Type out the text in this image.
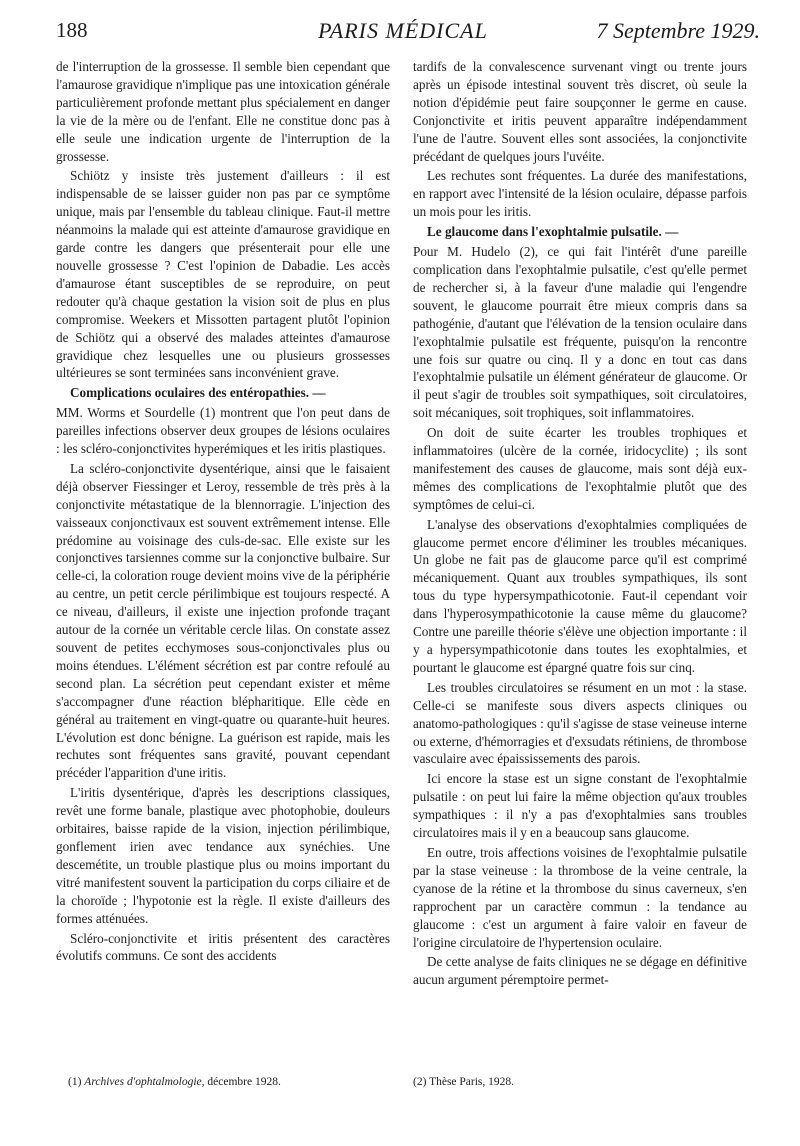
188	PARIS MÉDICAL	7 Septembre 1929.

de l'interruption de la grossesse. Il semble bien cependant que l'amaurose gravidique n'implique pas une intoxication générale particulièrement profonde mettant plus spécialement en danger la vie de la mère ou de l'enfant. Elle ne constitue donc pas à elle seule une indication urgente de l'interruption de la grossesse.

Schiötz y insiste très justement d'ailleurs : il est indispensable de se laisser guider non pas par ce symptôme unique, mais par l'ensemble du tableau clinique. Faut-il mettre néanmoins la malade qui est atteinte d'amaurose gravidique en garde contre les dangers que présenterait pour elle une nouvelle grossesse ? C'est l'opinion de Dabadie. Les accès d'amaurose étant susceptibles de se reproduire, on peut redouter qu'à chaque gestation la vision soit de plus en plus compromise. Weekers et Missotten partagent plutôt l'opinion de Schiötz qui a observé des malades atteintes d'amaurose gravidique chez lesquelles une ou plusieurs grossesses ultérieures se sont terminées sans inconvénient grave.

Complications oculaires des entéropathies. —

MM. Worms et Sourdelle (1) montrent que l'on peut dans de pareilles infections observer deux groupes de lésions oculaires : les scléro-conjonctivites hyperémiques et les iritis plastiques.

La scléro-conjonctivite dysentérique, ainsi que le faisaient déjà observer Fiessinger et Leroy, ressemble de très près à la conjonctivite métastatique de la blennorragie. L'injection des vaisseaux conjonctivaux est souvent extrêmement intense. Elle prédomine au voisinage des culs-de-sac. Elle existe sur les conjonctives tarsiennes comme sur la conjonctive bulbaire. Sur celle-ci, la coloration rouge devient moins vive de la périphérie au centre, un petit cercle périlimbique est toujours respecté. A ce niveau, d'ailleurs, il existe une injection profonde traçant autour de la cornée un véritable cercle lilas. On constate assez souvent de petites ecchymoses sous-conjonctivales plus ou moins étendues. L'élément sécrétion est par contre refoulé au second plan. La sécrétion peut cependant exister et même s'accompagner d'une réaction blépharitique. Elle cède en général au traitement en vingt-quatre ou quarante-huit heures. L'évolution est donc bénigne. La guérison est rapide, mais les rechutes sont fréquentes sans gravité, pouvant cependant précéder l'apparition d'une iritis.

L'iritis dysentérique, d'après les descriptions classiques, revêt une forme banale, plastique avec photophobie, douleurs orbitaires, baisse rapide de la vision, injection périlimbique, gonflement irien avec tendance aux synéchies. Une descemétite, un trouble plastique plus ou moins important du vitré manifestent souvent la participation du corps ciliaire et de la choroïde ; l'hypotonie est la règle. Il existe d'ailleurs des formes atténuées.

Scléro-conjonctivite et iritis présentent des caractères évolutifs communs. Ce sont des accidents

tardifs de la convalescence survenant vingt ou trente jours après un épisode intestinal souvent très discret, où seule la notion d'épidémie peut faire soupçonner le germe en cause. Conjonctivite et iritis peuvent apparaître indépendamment l'une de l'autre. Souvent elles sont associées, la conjonctivite précédant de quelques jours l'uvéite.

Les rechutes sont fréquentes. La durée des manifestations, en rapport avec l'intensité de la lésion oculaire, dépasse parfois un mois pour les iritis.

Le glaucome dans l'exophtalmie pulsatile. —

Pour M. Hudelo (2), ce qui fait l'intérêt d'une pareille complication dans l'exophtalmie pulsatile, c'est qu'elle permet de rechercher si, à la faveur d'une maladie qui l'engendre souvent, le glaucome pourrait être mieux compris dans sa pathogénie, d'autant que l'élévation de la tension oculaire dans l'exophtalmie pulsatile est fréquente, puisqu'on la rencontre une fois sur quatre ou cinq. Il y a donc en tout cas dans l'exophtalmie pulsatile un élément générateur de glaucome. Or il peut s'agir de troubles soit sympathiques, soit circulatoires, soit mécaniques, soit trophiques, soit inflammatoires.

On doit de suite écarter les troubles trophiques et inflammatoires (ulcère de la cornée, iridocyclite) ; ils sont manifestement des causes de glaucome, mais sont déjà eux-mêmes des complications de l'exophtalmie plutôt que des symptômes de celui-ci.

L'analyse des observations d'exophtalmies compliquées de glaucome permet encore d'éliminer les troubles mécaniques. Un globe ne fait pas de glaucome parce qu'il est comprimé mécaniquement. Quant aux troubles sympathiques, ils sont tous du type hypersympathicotonie. Faut-il cependant voir dans l'hyperosympathicotonie la cause même du glaucome? Contre une pareille théorie s'élève une objection importante : il y a hypersympathicotonie dans toutes les exophtalmies, et pourtant le glaucome est épargné quatre fois sur cinq.

Les troubles circulatoires se résument en un mot : la stase. Celle-ci se manifeste sous divers aspects cliniques ou anatomo-pathologiques : qu'il s'agisse de stase veineuse interne ou externe, d'hémorragies et d'exsudats rétiniens, de thrombose vasculaire avec épaississements des parois.

Ici encore la stase est un signe constant de l'exophtalmie pulsatile : on peut lui faire la même objection qu'aux troubles sympathiques : il n'y a pas d'exophtalmies sans troubles circulatoires mais il y en a beaucoup sans glaucome.

En outre, trois affections voisines de l'exophtalmie pulsatile par la stase veineuse : la thrombose de la veine centrale, la cyanose de la rétine et la thrombose du sinus caverneux, s'en rapprochent par un caractère commun : la tendance au glaucome : c'est un argument à faire valoir en faveur de l'origine circulatoire de l'hypertension oculaire.

De cette analyse de faits cliniques ne se dégage en définitive aucun argument péremptoire permet-

(1) Archives d'ophtalmologie, décembre 1928.	(2) Thèse Paris, 1928.
